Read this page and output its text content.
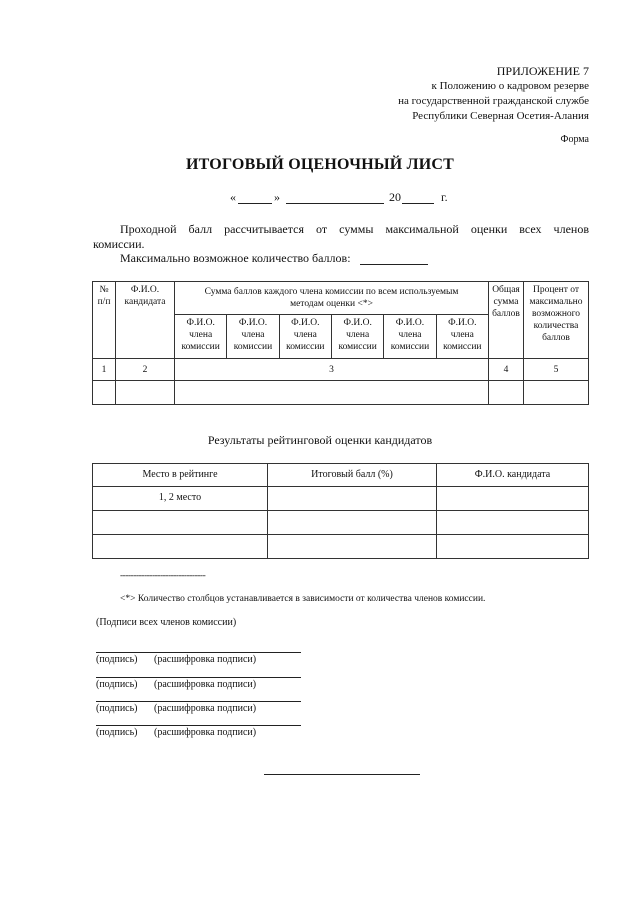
ПРИЛОЖЕНИЕ 7
к Положению о кадровом резерве
на государственной гражданской службе
Республики Северная Осетия-Алания
Форма
ИТОГОВЫЙ ОЦЕНОЧНЫЙ ЛИСТ
«	»	20	г.
Проходной балл рассчитывается от суммы максимальной оценки всех членов
комиссии.
Максимально возможное количество баллов:
№ п/п	Ф.И.О. кандидата	Сумма баллов каждого члена комиссии по всем используемым методам оценки <*>						Общая сумма баллов	Процент от максимально возможного количества баллов
		Ф.И.О. члена комиссии	Ф.И.О. члена комиссии	Ф.И.О. члена комиссии	Ф.И.О. члена комиссии	Ф.И.О. члена комиссии	Ф.И.О. члена комиссии		
1	2	3						4	5

Результаты рейтинговой оценки кандидатов
Место в рейтинге	Итоговый балл (%)	Ф.И.О. кандидата
1, 2 место		

--------------------------------
<*> Количество столбцов устанавливается в зависимости от количества членов комиссии.
(Подписи всех членов комиссии)
(подпись) (расшифровка подписи)
(подпись) (расшифровка подписи)
(подпись) (расшифровка подписи)
(подпись) (расшифровка подписи)
